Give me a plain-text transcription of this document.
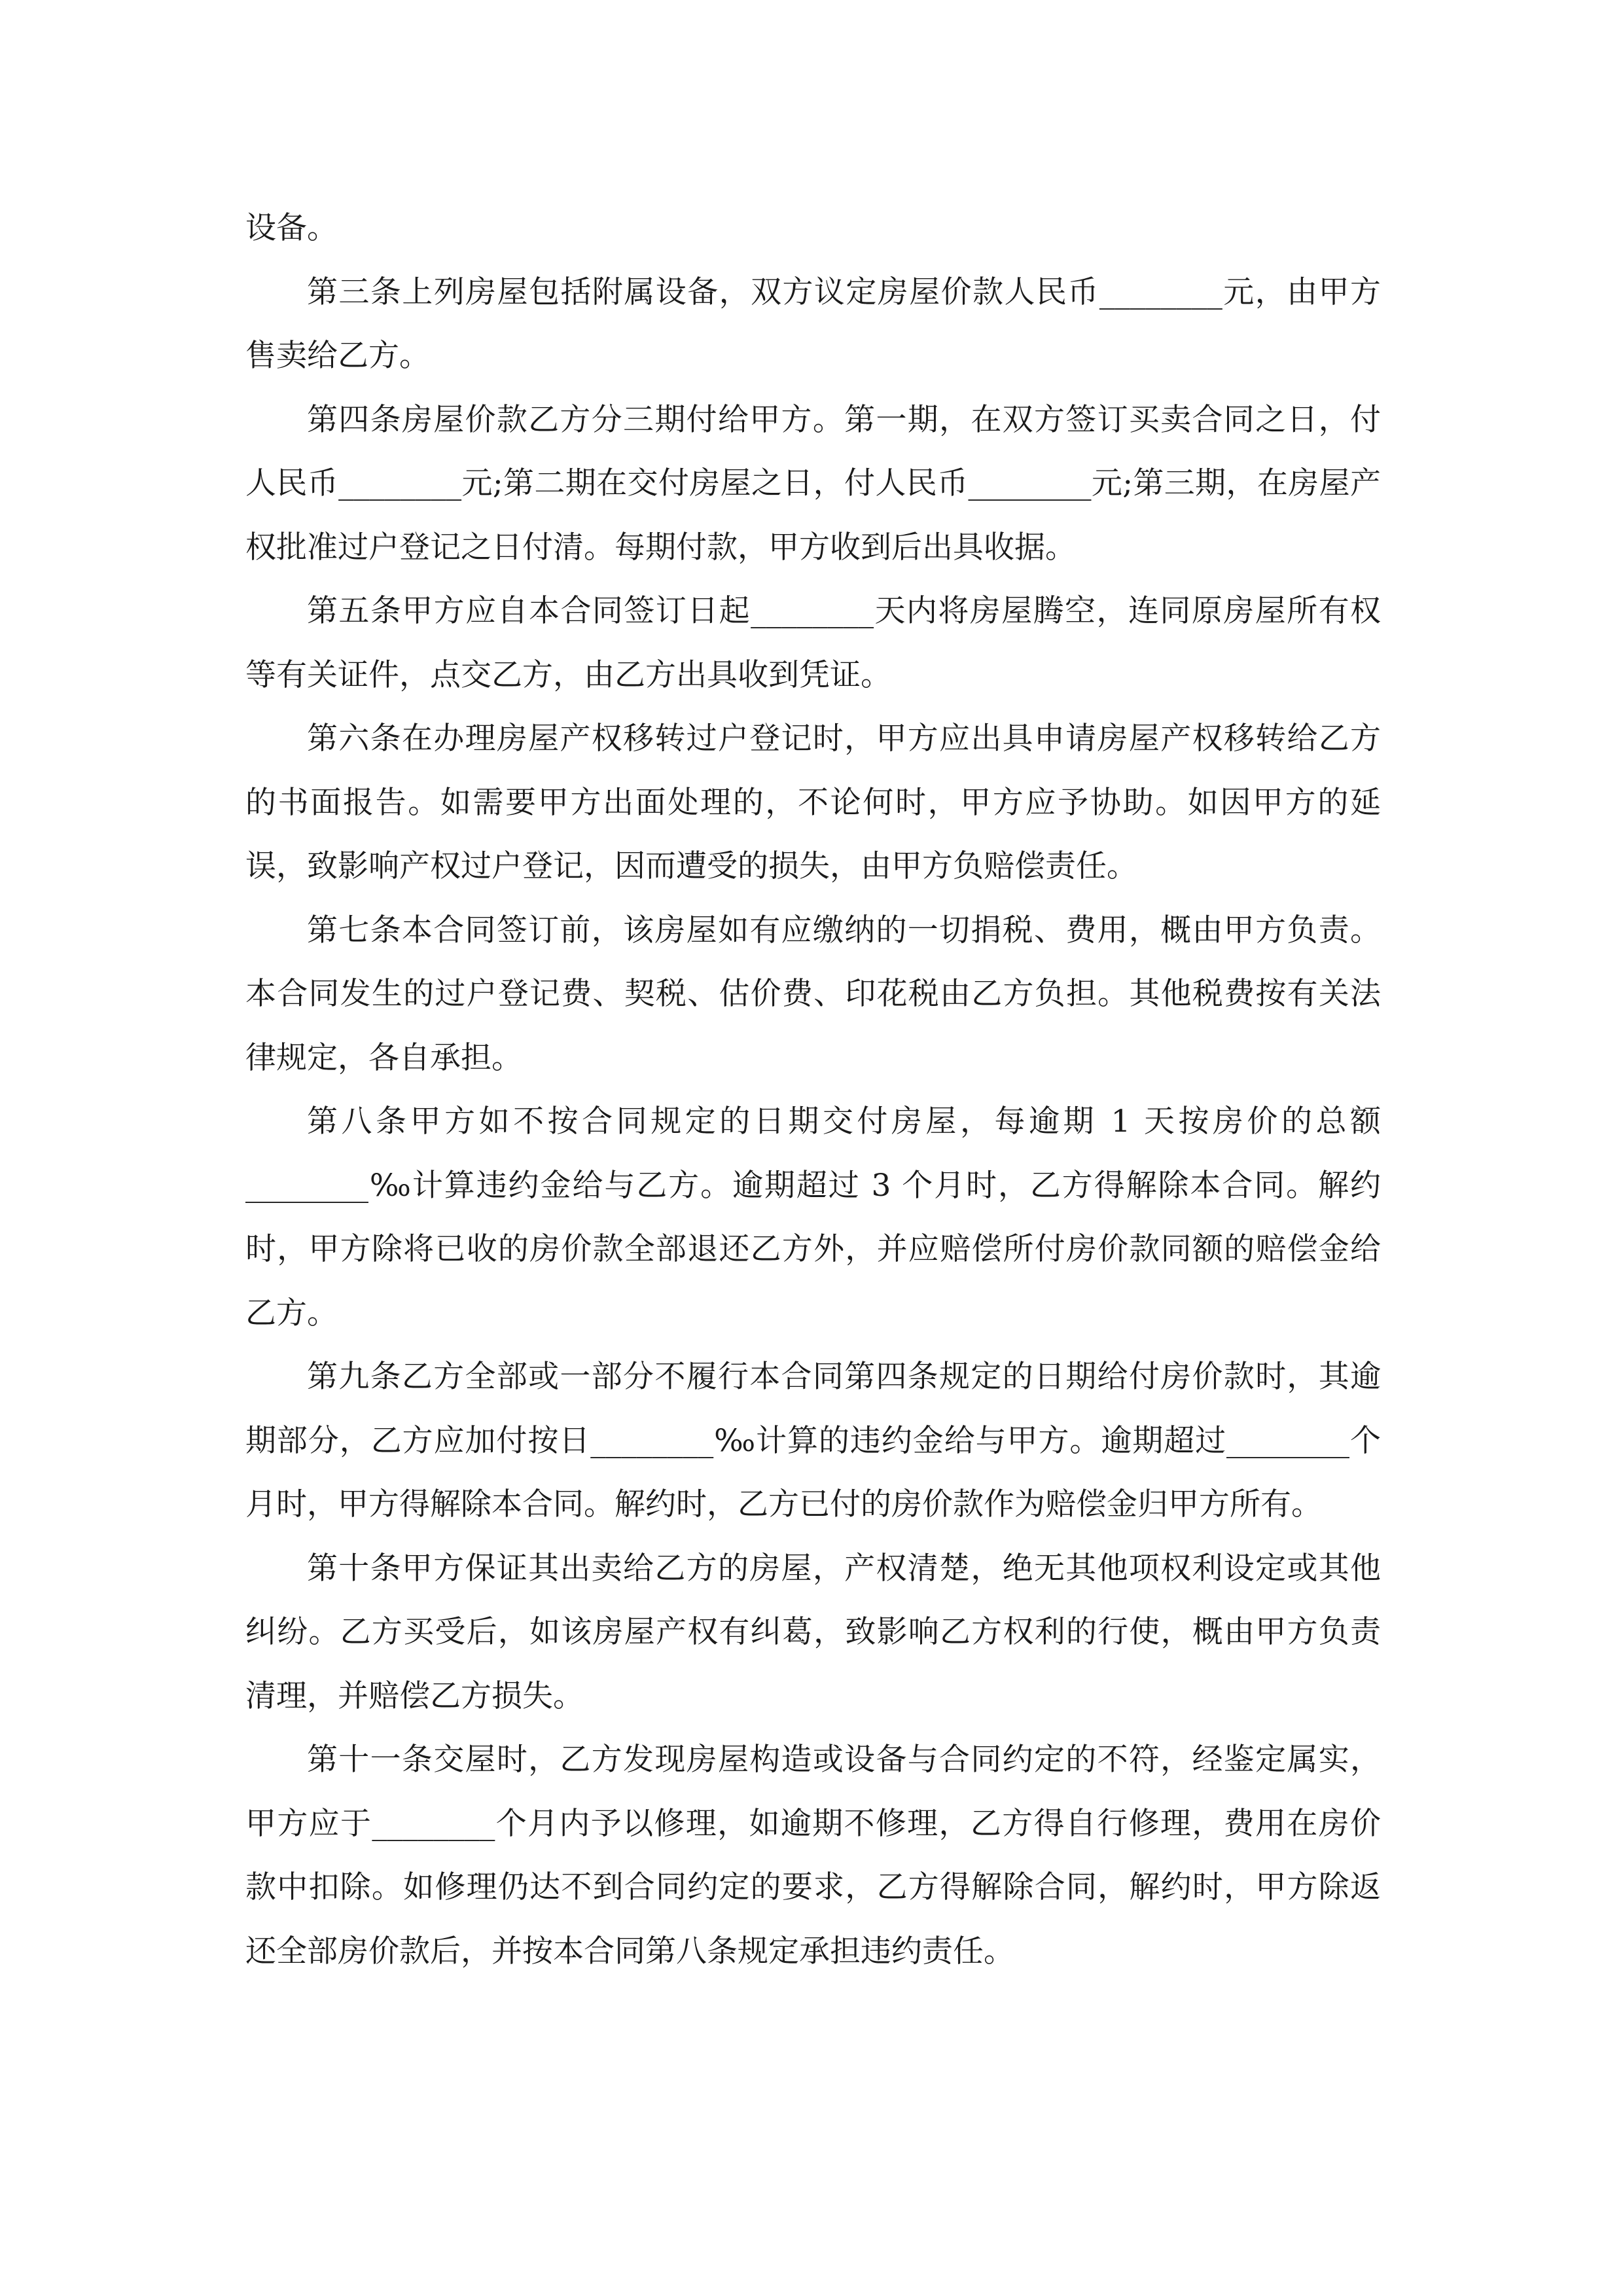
设备。

第三条上列房屋包括附属设备，双方议定房屋价款人民币________元，由甲方售卖给乙方。

第四条房屋价款乙方分三期付给甲方。第一期，在双方签订买卖合同之日，付人民币________元;第二期在交付房屋之日，付人民币________元;第三期，在房屋产权批准过户登记之日付清。每期付款，甲方收到后出具收据。

第五条甲方应自本合同签订日起________天内将房屋腾空，连同原房屋所有权等有关证件，点交乙方，由乙方出具收到凭证。

第六条在办理房屋产权移转过户登记时，甲方应出具申请房屋产权移转给乙方的书面报告。如需要甲方出面处理的，不论何时，甲方应予协助。如因甲方的延误，致影响产权过户登记，因而遭受的损失，由甲方负赔偿责任。

第七条本合同签订前，该房屋如有应缴纳的一切捐税、费用，概由甲方负责。本合同发生的过户登记费、契税、估价费、印花税由乙方负担。其他税费按有关法律规定，各自承担。

第八条甲方如不按合同规定的日期交付房屋，每逾期 1 天按房价的总额________‰计算违约金给与乙方。逾期超过 3 个月时，乙方得解除本合同。解约时，甲方除将已收的房价款全部退还乙方外，并应赔偿所付房价款同额的赔偿金给乙方。

第九条乙方全部或一部分不履行本合同第四条规定的日期给付房价款时，其逾期部分，乙方应加付按日________‰计算的违约金给与甲方。逾期超过________个月时，甲方得解除本合同。解约时，乙方已付的房价款作为赔偿金归甲方所有。

第十条甲方保证其出卖给乙方的房屋，产权清楚，绝无其他项权利设定或其他纠纷。乙方买受后，如该房屋产权有纠葛，致影响乙方权利的行使，概由甲方负责清理，并赔偿乙方损失。

第十一条交屋时，乙方发现房屋构造或设备与合同约定的不符，经鉴定属实，甲方应于________个月内予以修理，如逾期不修理，乙方得自行修理，费用在房价款中扣除。如修理仍达不到合同约定的要求，乙方得解除合同，解约时，甲方除返还全部房价款后，并按本合同第八条规定承担违约责任。
